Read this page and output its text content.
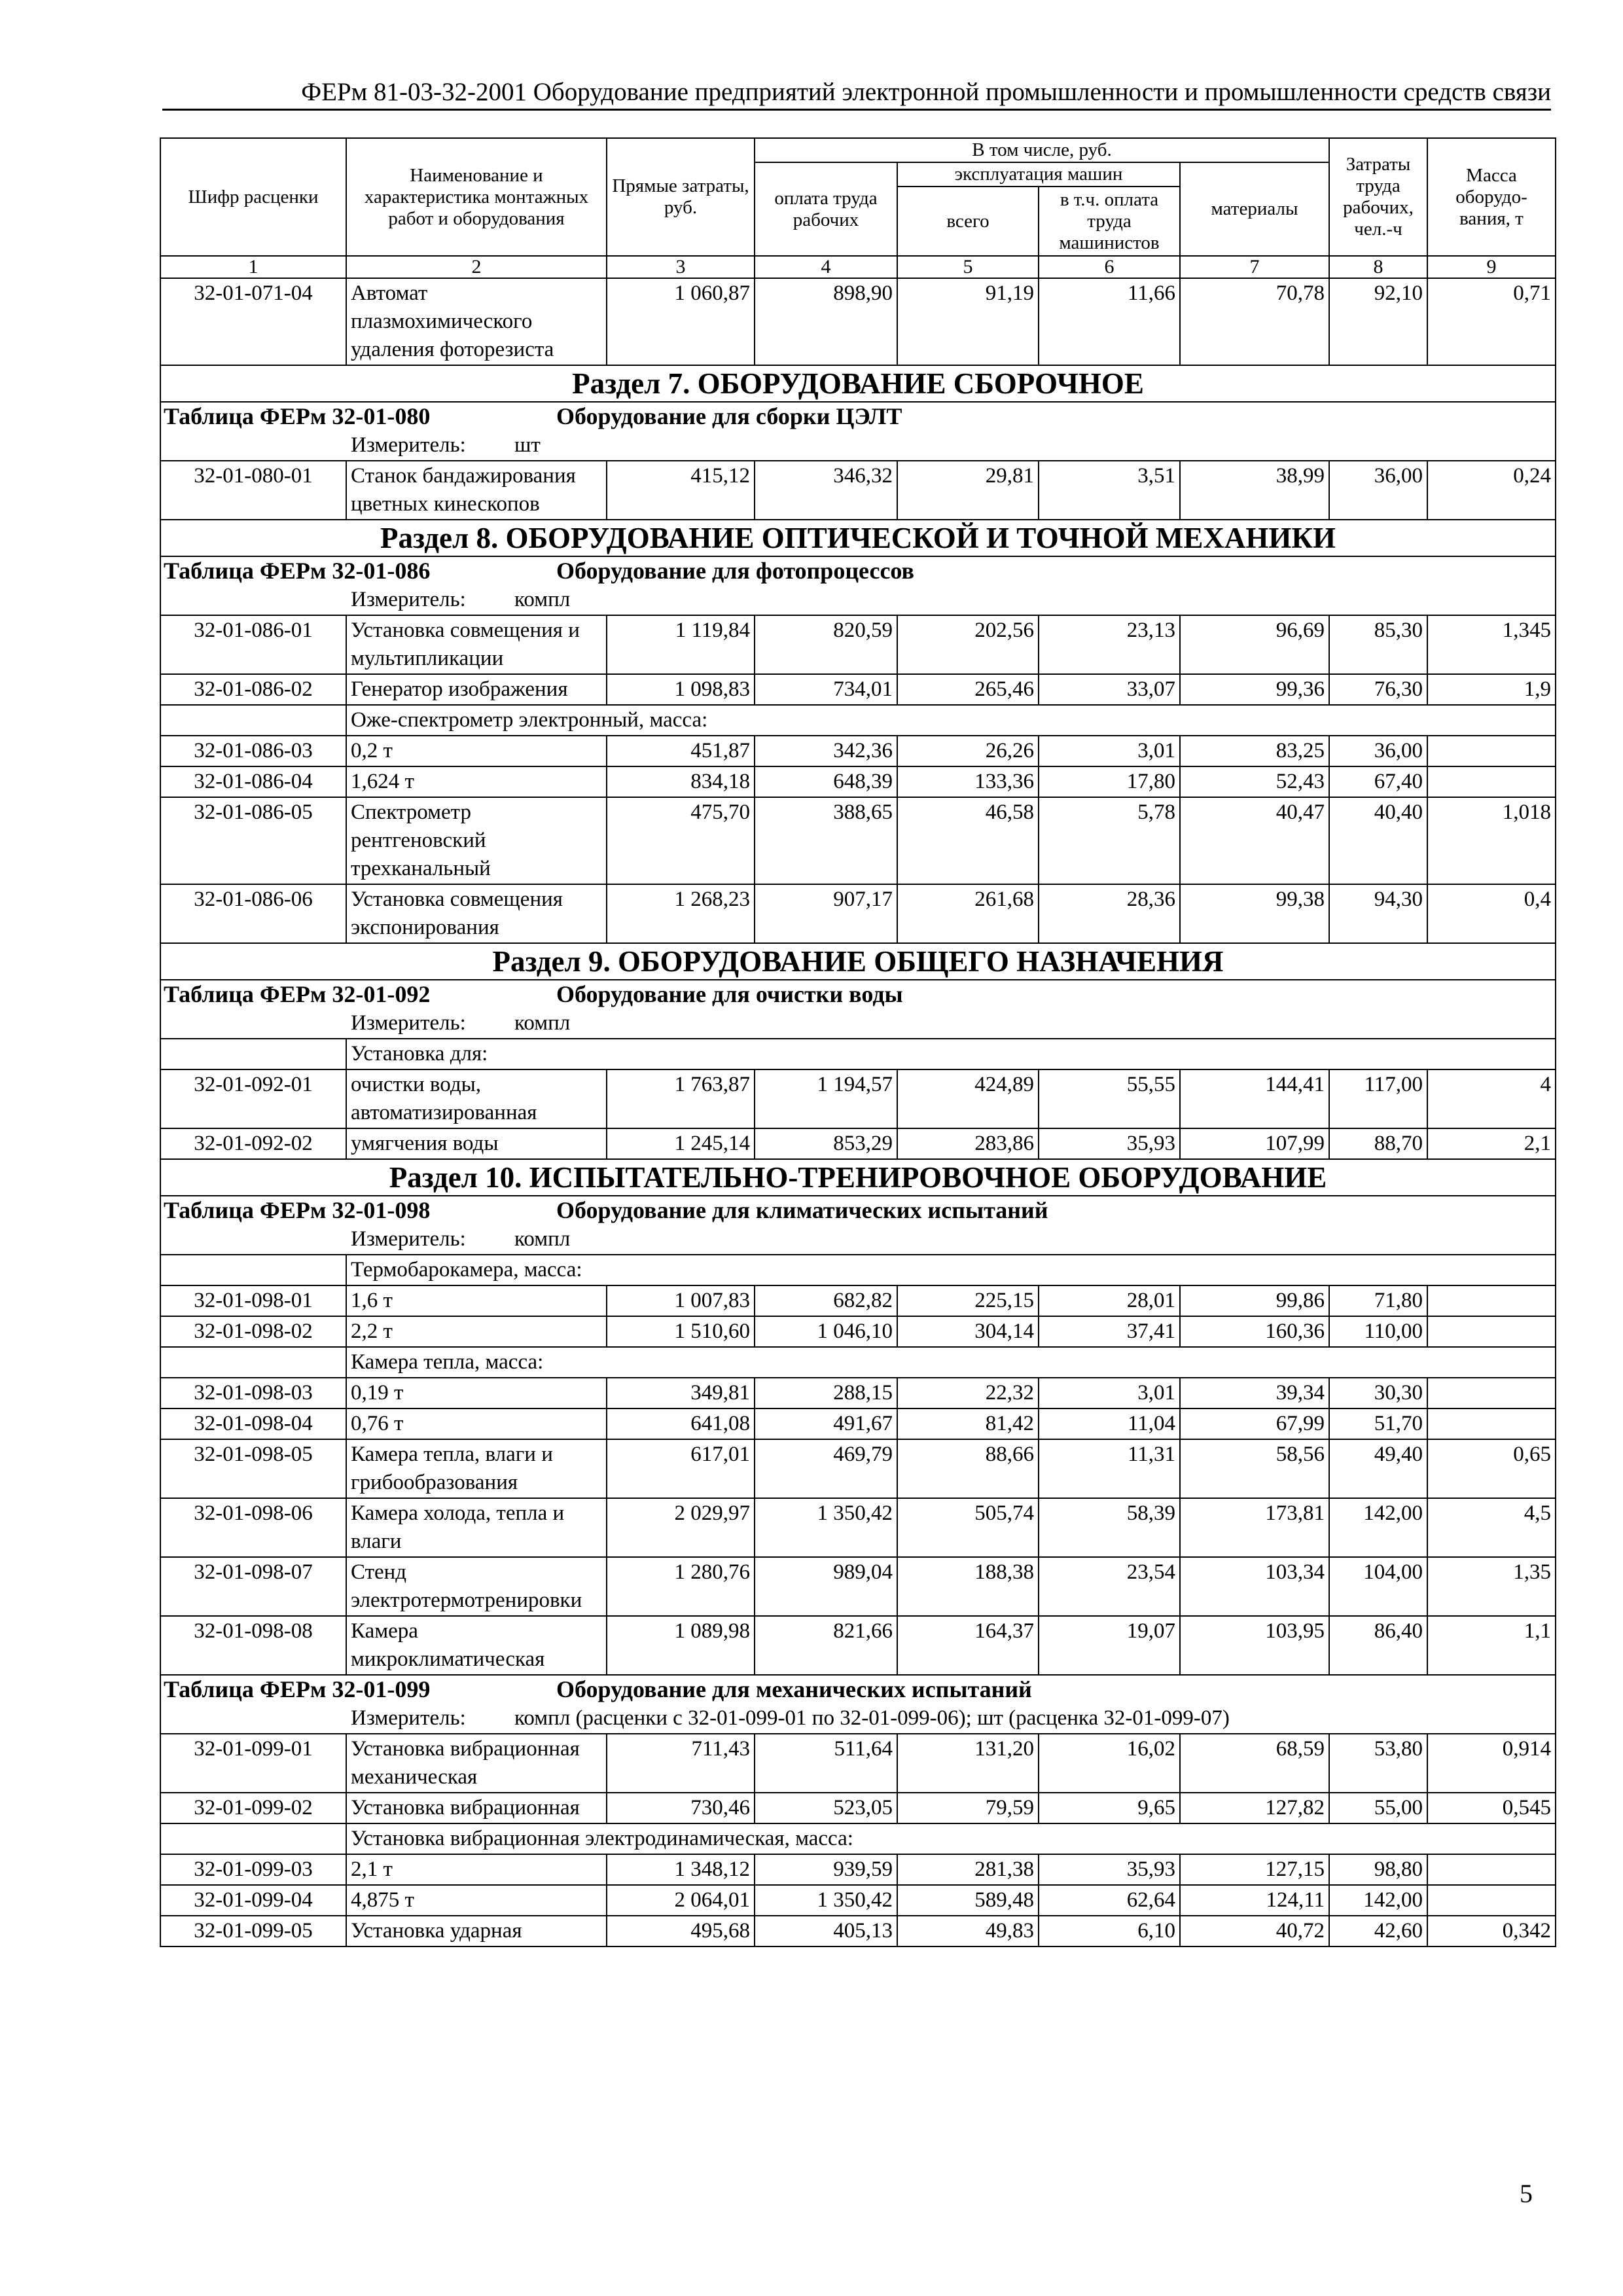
ФЕРм 81-03-32-2001 Оборудование предприятий электронной промышленности и промышленности средств связи
Шифр расценки	Наименование и характеристика монтажных работ и оборудования	Прямые затраты, руб.	В том числе, руб.				Затраты труда рабочих, чел.-ч	Масса оборудо-вания, т
			оплата труда рабочих	эксплуатация машин		материалы		
				всего	в т.ч. оплата труда машинистов			
1	2	3	4	5	6	7	8	9
32-01-071-04	Автомат плазмохимического удаления фоторезиста	1 060,87	898,90	91,19	11,66	70,78	92,10	0,71
Раздел 7. ОБОРУДОВАНИЕ СБОРОЧНОЕ								
Таблица ФЕРм 32-01-080 Оборудование для сборки ЦЭЛТ								
Измеритель: шт								
32-01-080-01	Станок бандажирования цветных кинескопов	415,12	346,32	29,81	3,51	38,99	36,00	0,24
Раздел 8. ОБОРУДОВАНИЕ ОПТИЧЕСКОЙ И ТОЧНОЙ МЕХАНИКИ								
Таблица ФЕРм 32-01-086 Оборудование для фотопроцессов								
Измеритель: компл								
32-01-086-01	Установка совмещения и мультипликации	1 119,84	820,59	202,56	23,13	96,69	85,30	1,345
32-01-086-02	Генератор изображения	1 098,83	734,01	265,46	33,07	99,36	76,30	1,9
	Оже-спектрометр электронный, масса:							
32-01-086-03	0,2 т	451,87	342,36	26,26	3,01	83,25	36,00	
32-01-086-04	1,624 т	834,18	648,39	133,36	17,80	52,43	67,40	
32-01-086-05	Спектрометр рентгеновский трехканальный	475,70	388,65	46,58	5,78	40,47	40,40	1,018
32-01-086-06	Установка совмещения экспонирования	1 268,23	907,17	261,68	28,36	99,38	94,30	0,4
Раздел 9. ОБОРУДОВАНИЕ ОБЩЕГО НАЗНАЧЕНИЯ								
Таблица ФЕРм 32-01-092 Оборудование для очистки воды								
Измеритель: компл								
	Установка для:							
32-01-092-01	очистки воды, автоматизированная	1 763,87	1 194,57	424,89	55,55	144,41	117,00	4
32-01-092-02	умягчения воды	1 245,14	853,29	283,86	35,93	107,99	88,70	2,1
Раздел 10. ИСПЫТАТЕЛЬНО-ТРЕНИРОВОЧНОЕ ОБОРУДОВАНИЕ								
Таблица ФЕРм 32-01-098 Оборудование для климатических испытаний								
Измеритель: компл								
	Термобарокамера, масса:							
32-01-098-01	1,6 т	1 007,83	682,82	225,15	28,01	99,86	71,80	
32-01-098-02	2,2 т	1 510,60	1 046,10	304,14	37,41	160,36	110,00	
	Камера тепла, масса:							
32-01-098-03	0,19 т	349,81	288,15	22,32	3,01	39,34	30,30	
32-01-098-04	0,76 т	641,08	491,67	81,42	11,04	67,99	51,70	
32-01-098-05	Камера тепла, влаги и грибообразования	617,01	469,79	88,66	11,31	58,56	49,40	0,65
32-01-098-06	Камера холода, тепла и влаги	2 029,97	1 350,42	505,74	58,39	173,81	142,00	4,5
32-01-098-07	Стенд электротермотренировки	1 280,76	989,04	188,38	23,54	103,34	104,00	1,35
32-01-098-08	Камера микроклиматическая	1 089,98	821,66	164,37	19,07	103,95	86,40	1,1
Таблица ФЕРм 32-01-099 Оборудование для механических испытаний								
Измеритель: компл (расценки с 32-01-099-01 по 32-01-099-06); шт (расценка 32-01-099-07)								
32-01-099-01	Установка вибрационная механическая	711,43	511,64	131,20	16,02	68,59	53,80	0,914
32-01-099-02	Установка вибрационная	730,46	523,05	79,59	9,65	127,82	55,00	0,545
	Установка вибрационная электродинамическая, масса:							
32-01-099-03	2,1 т	1 348,12	939,59	281,38	35,93	127,15	98,80	
32-01-099-04	4,875 т	2 064,01	1 350,42	589,48	62,64	124,11	142,00	
32-01-099-05	Установка ударная	495,68	405,13	49,83	6,10	40,72	42,60	0,342
5
